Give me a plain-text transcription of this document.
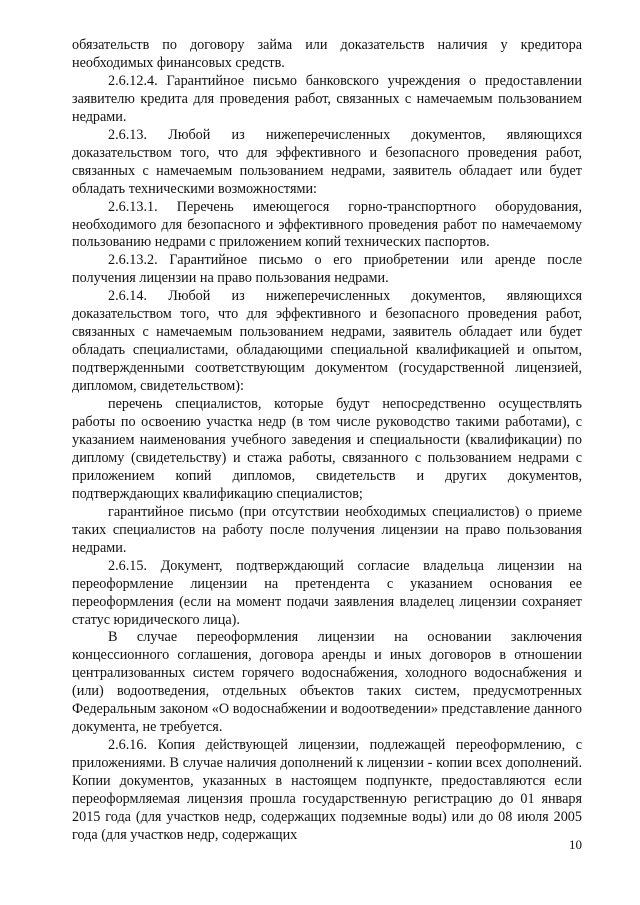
обязательств по договору займа или доказательств наличия у кредитора необходимых финансовых средств.

2.6.12.4. Гарантийное письмо банковского учреждения о предоставлении заявителю кредита для проведения работ, связанных с намечаемым пользованием недрами.

2.6.13. Любой из нижеперечисленных документов, являющихся доказательством того, что для эффективного и безопасного проведения работ, связанных с намечаемым пользованием недрами, заявитель обладает или будет обладать техническими возможностями:

2.6.13.1. Перечень имеющегося горно-транспортного оборудования, необходимого для безопасного и эффективного проведения работ по намечаемому пользованию недрами с приложением копий технических паспортов.

2.6.13.2. Гарантийное письмо о его приобретении или аренде после получения лицензии на право пользования недрами.

2.6.14. Любой из нижеперечисленных документов, являющихся доказательством того, что для эффективного и безопасного проведения работ, связанных с намечаемым пользованием недрами, заявитель обладает или будет обладать специалистами, обладающими специальной квалификацией и опытом, подтвержденными соответствующим документом (государственной лицензией, дипломом, свидетельством):

перечень специалистов, которые будут непосредственно осуществлять работы по освоению участка недр (в том числе руководство такими работами), с указанием наименования учебного заведения и специальности (квалификации) по диплому (свидетельству) и стажа работы, связанного с пользованием недрами с приложением копий дипломов, свидетельств и других документов, подтверждающих квалификацию специалистов;

гарантийное письмо (при отсутствии необходимых специалистов) о приеме таких специалистов на работу после получения лицензии на право пользования недрами.

2.6.15. Документ, подтверждающий согласие владельца лицензии на переоформление лицензии на претендента с указанием основания ее переоформления (если на момент подачи заявления владелец лицензии сохраняет статус юридического лица).

В случае переоформления лицензии на основании заключения концессионного соглашения, договора аренды и иных договоров в отношении централизованных систем горячего водоснабжения, холодного водоснабжения и (или) водоотведения, отдельных объектов таких систем, предусмотренных Федеральным законом «О водоснабжении и водоотведении» представление данного документа, не требуется.

2.6.16. Копия действующей лицензии, подлежащей переоформлению, с приложениями. В случае наличия дополнений к лицензии - копии всех дополнений. Копии документов, указанных в настоящем подпункте, предоставляются если переоформляемая лицензия прошла государственную регистрацию до 01 января 2015 года (для участков недр, содержащих подземные воды) или до 08 июля 2005 года (для участков недр, содержащих

10
